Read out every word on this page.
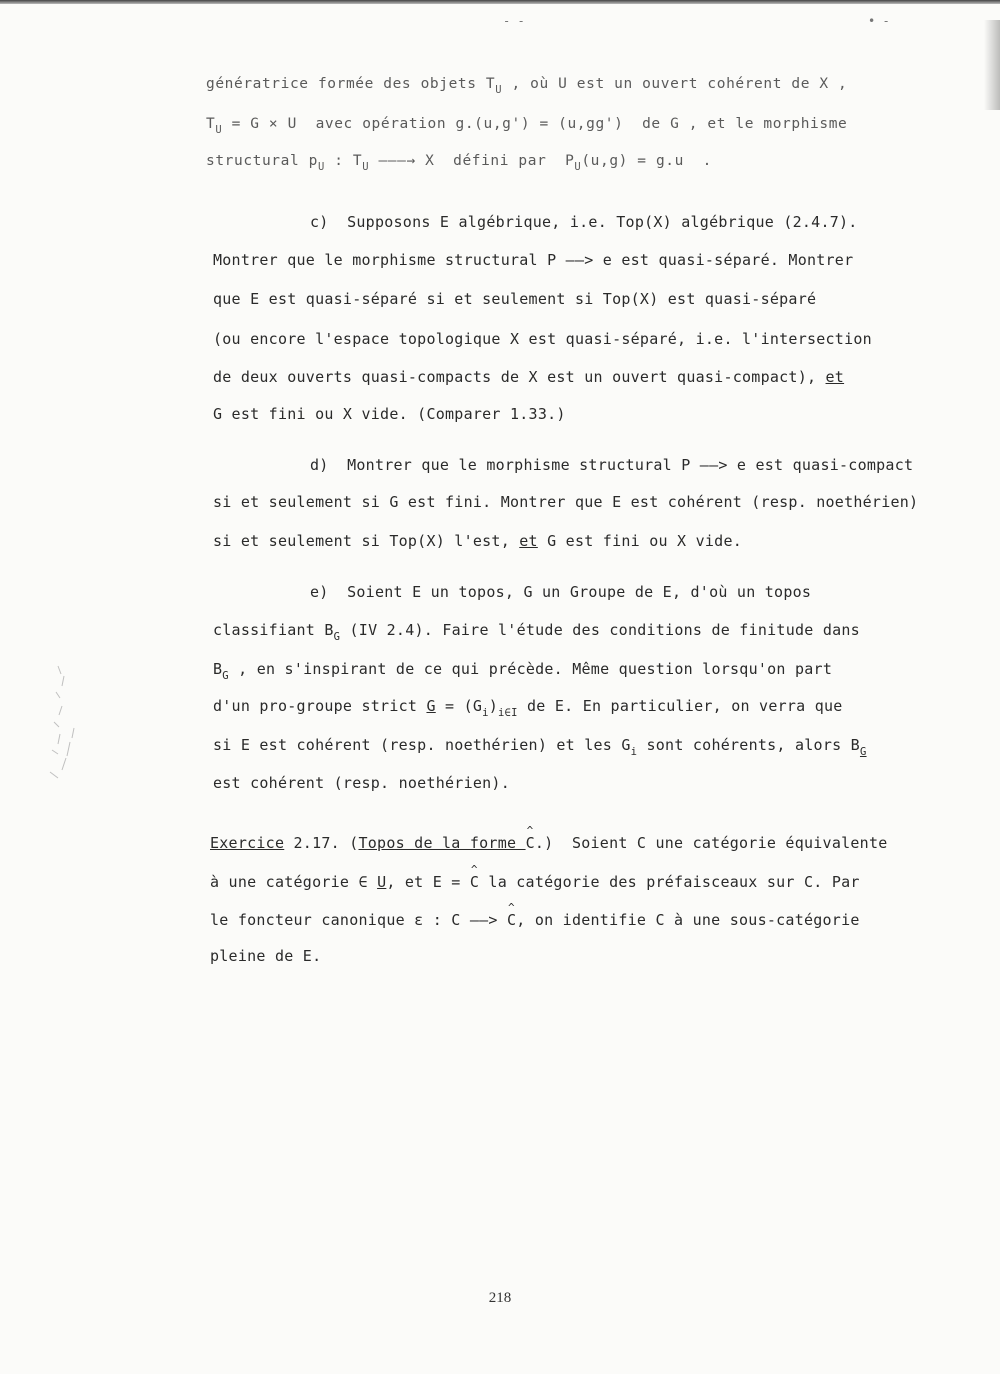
- -	• -
génératrice formée des objets $T_U$ , où U est un ouvert cohérent de X ,
$T_U = G \times U$  avec opération g.(u,g') = (u,gg')  de G , et le morphisme
structural $p_U$ : $T_U$ ———→ X  défini par  $P_U(u,g) = g.u$  .
c)  Supposons E algébrique, i.e. Top(X) algébrique (2.4.7).
Montrer que le morphisme structural P ——> e est quasi-séparé. Montrer
que E est quasi-séparé si et seulement si Top(X) est quasi-séparé
(ou encore l'espace topologique X est quasi-séparé, i.e. l'intersection
de deux ouverts quasi-compacts de X est un ouvert quasi-compact), et
G est fini ou X vide. (Comparer 1.33.)
d)  Montrer que le morphisme structural P ——> e est quasi-compact
si et seulement si G est fini. Montrer que E est cohérent (resp. noethérien)
si et seulement si Top(X) l'est, et G est fini ou X vide.
e)  Soient E un topos, G un Groupe de E, d'où un topos
classifiant $B_G$ (IV 2.4). Faire l'étude des conditions de finitude dans
$B_G$ , en s'inspirant de ce qui précède. Même question lorsqu'on part
d'un pro-groupe strict $G = (G_i)_{i\in I}$ de E. En particulier, on verra que
si E est cohérent (resp. noethérien) et les $G_i$ sont cohérents, alors $B_G$
est cohérent (resp. noethérien).
Exercice 2.17. (Topos de la forme ^ C.)  Soient C une catégorie équivalente
à une catégorie ∈ U, et E = ^ C la catégorie des préfaisceaux sur C. Par
le foncteur canonique ε : C ——> ^ C, on identifie C à une sous-catégorie
pleine de E.
218
